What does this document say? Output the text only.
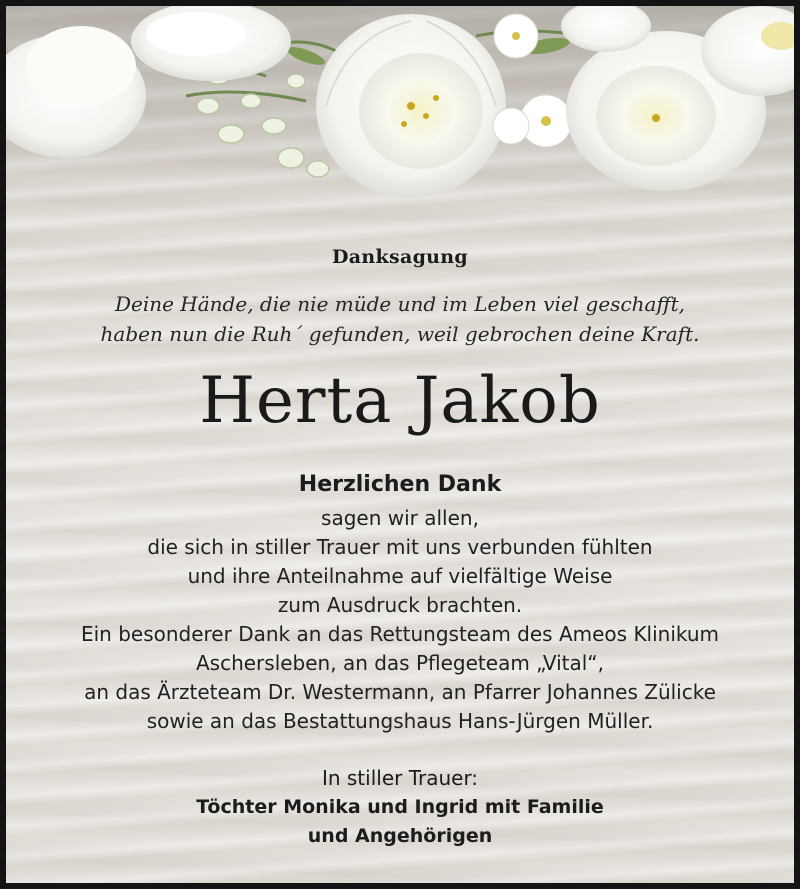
Danksagung
Deine Hände, die nie müde und im Leben viel geschafft,
haben nun die Ruh´ gefunden, weil gebrochen deine Kraft.
Herta Jakob
Herzlichen Dank
sagen wir allen,
die sich in stiller Trauer mit uns verbunden fühlten
und ihre Anteilnahme auf vielfältige Weise
zum Ausdruck brachten.
Ein besonderer Dank an das Rettungsteam des Ameos Klinikum
Aschersleben, an das Pflegeteam „Vital“,
an das Ärzteteam Dr. Westermann, an Pfarrer Johannes Zülicke
sowie an das Bestattungshaus Hans-Jürgen Müller.
In stiller Trauer:
Töchter Monika und Ingrid mit Familie
und Angehörigen
